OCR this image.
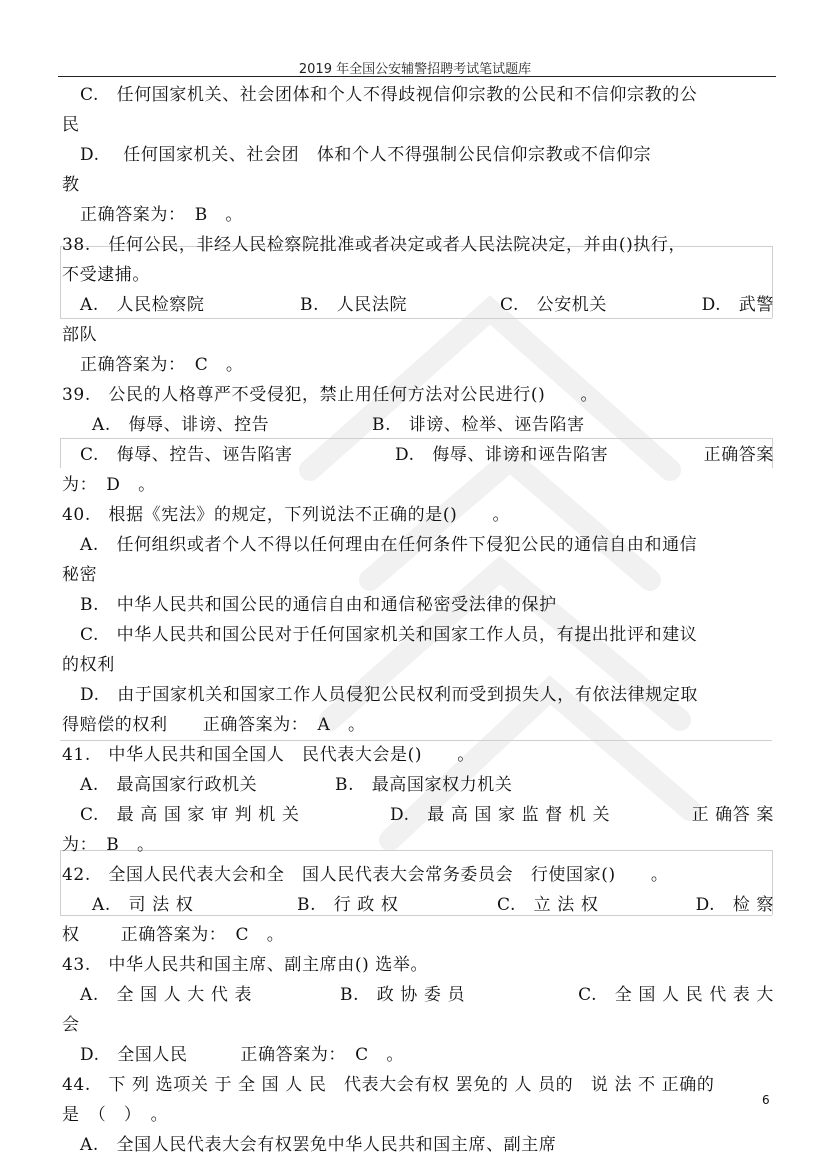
2019 年全国公安辅警招聘考试笔试题库

C.　任何国家机关、社会团体和个人不得歧视信仰宗教的公民和不信仰宗教的公

民

D.　 任何国家机关、社会团　体和个人不得强制公民信仰宗教或不信仰宗

教

正确答案为：　B　。

38.　任何公民，非经人民检察院批准或者决定或者人民法院决定，并由()执行，

不受逮捕。

A.　人民检察院	B.　人民法院	C.　公安机关	D.　武警

部队

正确答案为：　C　。

39.　公民的人格尊严不受侵犯，禁止用任何方法对公民进行()　　。

A.　侮辱、诽谤、控告	B.　诽谤、检举、诬告陷害
C.　侮辱、控告、诬告陷害	D.　侮辱、诽谤和诬告陷害	正确答案

为：　D　。

40.　根据《宪法》的规定，下列说法不正确的是()　　。

A.　任何组织或者个人不得以任何理由在任何条件下侵犯公民的通信自由和通信

秘密

B.　中华人民共和国公民的通信自由和通信秘密受法律的保护

C.　中华人民共和国公民对于任何国家机关和国家工作人员，有提出批评和建议

的权利

D.　由于国家机关和国家工作人员侵犯公民权利而受到损失人，有依法律规定取

得赔偿的权利　　正确答案为：　A　。

41.　中华人民共和国全国人　民代表大会是()　　。

A.　最高国家行政机关	B.　最高国家权力机关
C.　最 高 国 家 审 判 机 关	D.　最 高 国 家 监 督 机 关	正 确答 案

为：　B　。

42.　全国人民代表大会和全　国人民代表大会常务委员会　行使国家()　　。

A.　司 法 权	B.　行 政 权	C.　立 法 权	D.　检 察

权　　 正确答案为：　C　。

43.　中华人民共和国主席、副主席由() 选举。

A.　全 国 人 大 代 表	B.　政 协 委 员	C.　全 国 人 民 代 表 大

会

D.　全国人民　　　正确答案为：　C　。

44.　下 列 选项关 于 全 国 人 民　代表大会有权 罢免的 人 员的　说 法 不 正确的

是　（　）　。

A.　全国人民代表大会有权罢免中华人民共和国主席、副主席

6
